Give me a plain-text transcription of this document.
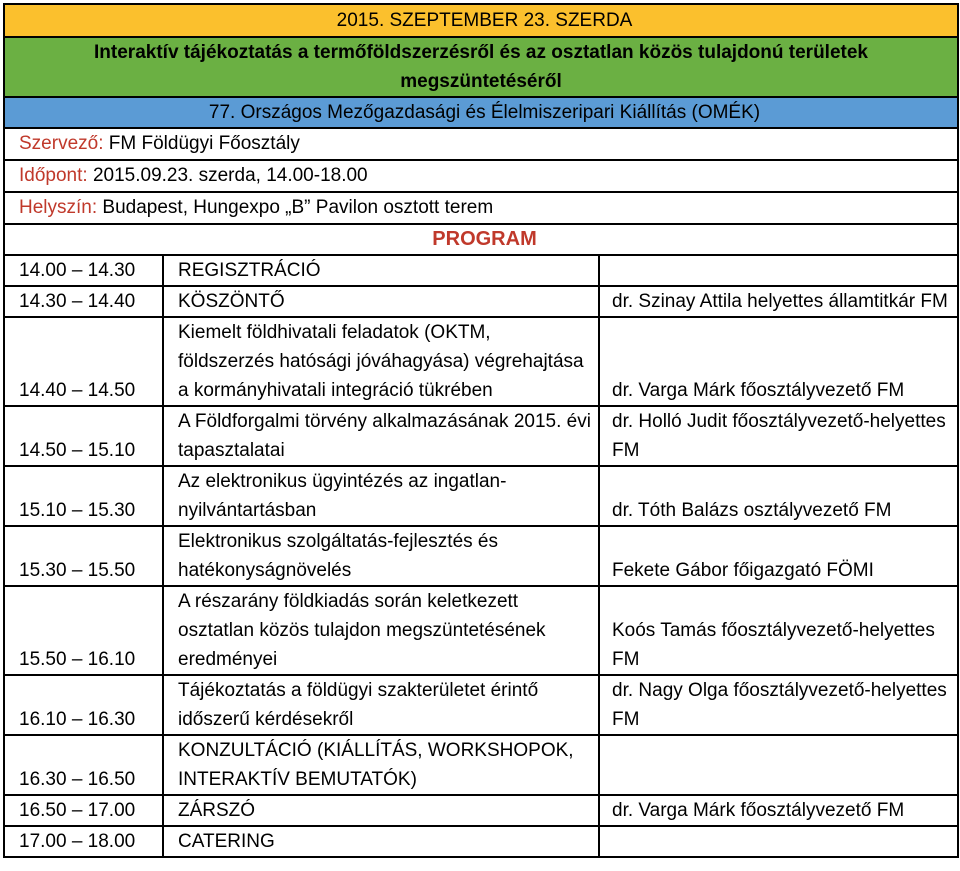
2015. SZEPTEMBER 23. SZERDA		
Interaktív tájékoztatás a termőföldszerzésről és az osztatlan közös tulajdonú területek megszüntetéséről		
77. Országos Mezőgazdasági és Élelmiszeripari Kiállítás (OMÉK)		
Szervező: FM Földügyi Főosztály		
Időpont: 2015.09.23. szerda, 14.00-18.00		
Helyszín: Budapest, Hungexpo „B” Pavilon osztott terem		
PROGRAM		
14.00 – 14.30	REGISZTRÁCIÓ	
14.30 – 14.40	KÖSZÖNTŐ	dr. Szinay Attila helyettes államtitkár FM
14.40 – 14.50	Kiemelt földhivatali feladatok (OKTM, földszerzés hatósági jóváhagyása) végrehajtása a kormányhivatali integráció tükrében	dr. Varga Márk főosztályvezető FM
14.50 – 15.10	A Földforgalmi törvény alkalmazásának 2015. évi tapasztalatai	dr. Holló Judit főosztályvezető-helyettes FM
15.10 – 15.30	Az elektronikus ügyintézés az ingatlan-nyilvántartásban	dr. Tóth Balázs osztályvezető FM
15.30 – 15.50	Elektronikus szolgáltatás-fejlesztés és hatékonyságnövelés	Fekete Gábor főigazgató FÖMI
15.50 – 16.10	A részarány földkiadás során keletkezett osztatlan közös tulajdon megszüntetésének eredményei	Koós Tamás főosztályvezető-helyettes FM
16.10 – 16.30	Tájékoztatás a földügyi szakterületet érintő időszerű kérdésekről	dr. Nagy Olga főosztályvezető-helyettes FM
16.30 – 16.50	KONZULTÁCIÓ (KIÁLLÍTÁS, WORKSHOPOK, INTERAKTÍV BEMUTATÓK)	
16.50 – 17.00	ZÁRSZÓ	dr. Varga Márk főosztályvezető FM
17.00 – 18.00	CATERING	
